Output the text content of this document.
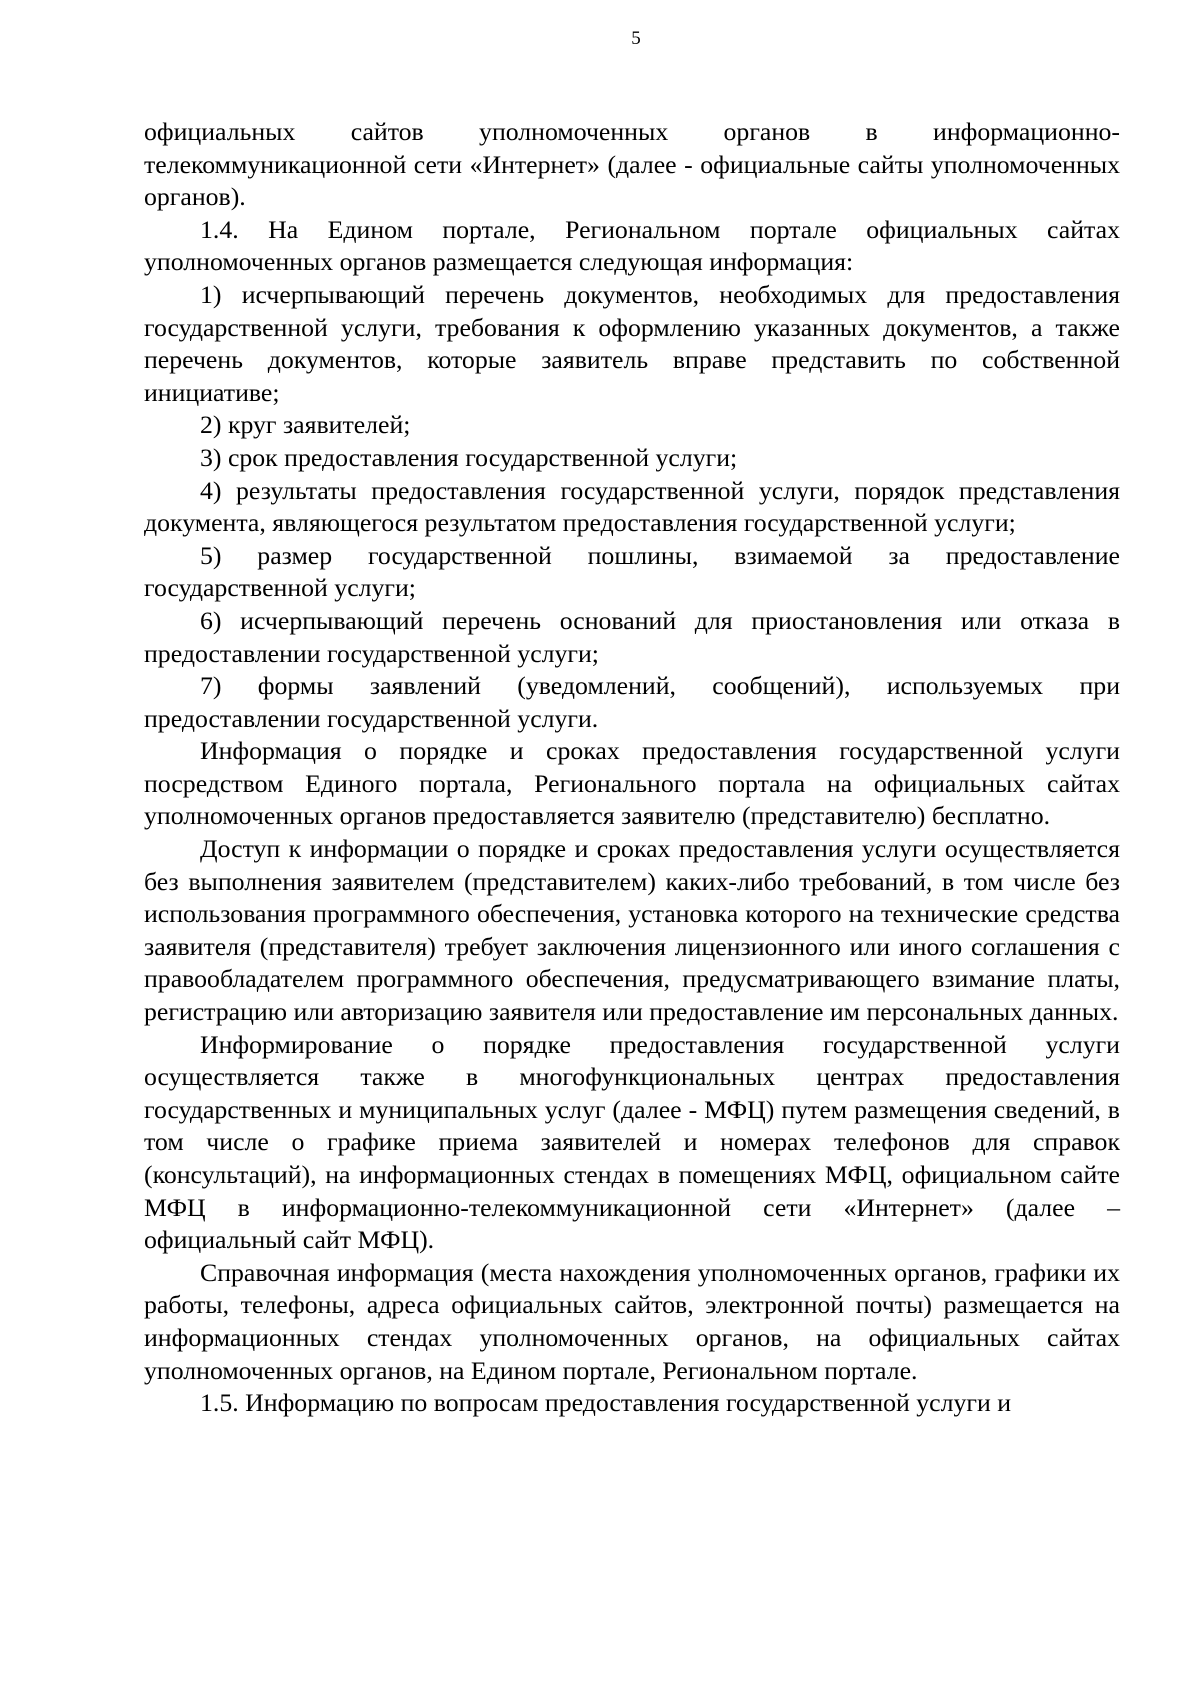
5

официальных сайтов уполномоченных органов в информационно-телекоммуникационной сети «Интернет» (далее - официальные сайты уполномоченных органов).

1.4. На Едином портале, Региональном портале официальных сайтах уполномоченных органов размещается следующая информация:

1) исчерпывающий перечень документов, необходимых для предоставления государственной услуги, требования к оформлению указанных документов, а также перечень документов, которые заявитель вправе представить по собственной инициативе;

2) круг заявителей;

3) срок предоставления государственной услуги;

4) результаты предоставления государственной услуги, порядок представления документа, являющегося результатом предоставления государственной услуги;

5) размер государственной пошлины, взимаемой за предоставление государственной услуги;

6) исчерпывающий перечень оснований для приостановления или отказа в предоставлении государственной услуги;

7) формы заявлений (уведомлений, сообщений), используемых при предоставлении государственной услуги.

Информация о порядке и сроках предоставления государственной услуги посредством Единого портала, Регионального портала на официальных сайтах уполномоченных органов предоставляется заявителю (представителю) бесплатно.

Доступ к информации о порядке и сроках предоставления услуги осуществляется без выполнения заявителем (представителем) каких-либо требований, в том числе без использования программного обеспечения, установка которого на технические средства заявителя (представителя) требует заключения лицензионного или иного соглашения с правообладателем программного обеспечения, предусматривающего взимание платы, регистрацию или авторизацию заявителя или предоставление им персональных данных.

Информирование о порядке предоставления государственной услуги осуществляется также в многофункциональных центрах предоставления государственных и муниципальных услуг (далее - МФЦ) путем размещения сведений, в том числе о графике приема заявителей и номерах телефонов для справок (консультаций), на информационных стендах в помещениях МФЦ, официальном сайте МФЦ в информационно-телекоммуникационной сети «Интернет» (далее – официальный сайт МФЦ).

Справочная информация (места нахождения уполномоченных органов, графики их работы, телефоны, адреса официальных сайтов, электронной почты) размещается на информационных стендах уполномоченных органов, на официальных сайтах уполномоченных органов, на Едином портале, Региональном портале.

1.5. Информацию по вопросам предоставления государственной услуги и
